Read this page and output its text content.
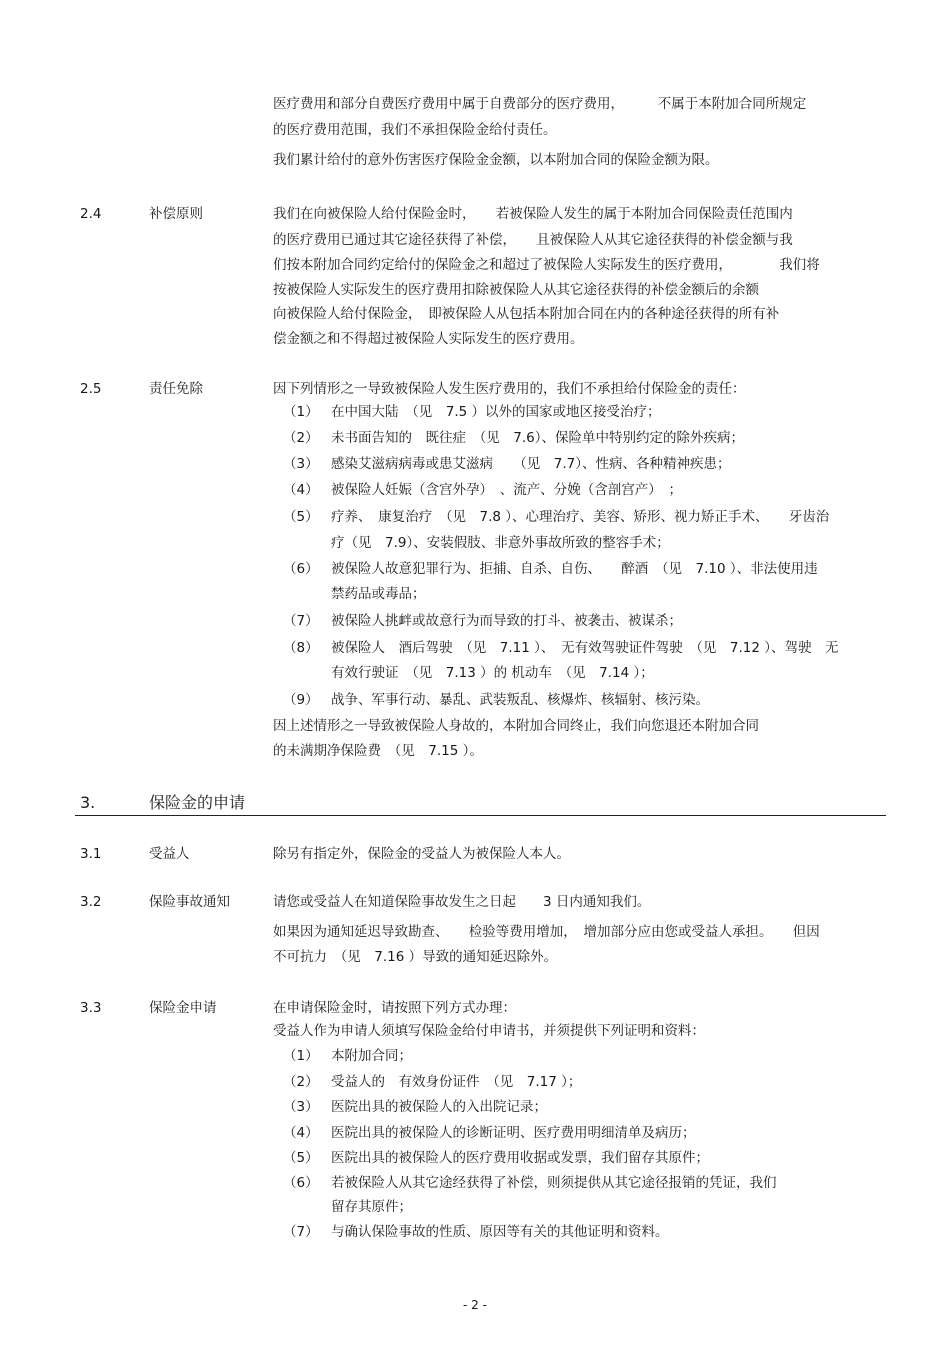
医疗费用和部分自费医疗费用中属于自费部分的医疗费用，　　　不属于本附加合同所规定
的医疗费用范围，我们不承担保险金给付责任。
我们累计给付的意外伤害医疗保险金金额，以本附加合同的保险金额为限。
2.4	补偿原则	我们在向被保险人给付保险金时，　　若被保险人发生的属于本附加合同保险责任范围内
的医疗费用已通过其它途径获得了补偿，　　且被保险人从其它途径获得的补偿金额与我
们按本附加合同约定给付的保险金之和超过了被保险人实际发生的医疗费用，　　　　我们将
按被保险人实际发生的医疗费用扣除被保险人从其它途径获得的补偿金额后的余额
向被保险人给付保险金，　即被保险人从包括本附加合同在内的各种途径获得的所有补
偿金额之和不得超过被保险人实际发生的医疗费用。
2.5	责任免除	因下列情形之一导致被保险人发生医疗费用的，我们不承担给付保险金的责任：
（1） 在中国大陆　（见　7.5 ）以外的国家或地区接受治疗；
（2） 未书面告知的　既往症　（见　7.6）、保险单中特别约定的除外疾病；
（3） 感染艾滋病病毒或患艾滋病　　（见　7.7）、性病、各种精神疾患；
（4） 被保险人妊娠（含宫外孕）　、流产、分娩（含剖宫产）　；
（5） 疗养、　康复治疗　（见　7.8 ）、心理治疗、美容、矫形、视力矫正手术、　　牙齿治
疗（见　7.9）、安装假肢、非意外事故所致的整容手术；
（6） 被保险人故意犯罪行为、拒捕、自杀、自伤、　　醉酒　（见　7.10 ）、非法使用违
禁药品或毒品；
（7） 被保险人挑衅或故意行为而导致的打斗、被袭击、被谋杀；
（8） 被保险人　酒后驾驶　（见　7.11 ）、　无有效驾驶证件驾驶　（见　7.12 ）、驾驶　无
有效行驶证　（见　7.13 ）的 机动车　（见　7.14 ）；
（9） 战争、军事行动、暴乱、武装叛乱、核爆炸、核辐射、核污染。
因上述情形之一导致被保险人身故的，本附加合同终止，我们向您退还本附加合同
的未满期净保险费　（见　7.15 ）。
3.	保险金的申请
3.1	受益人	除另有指定外，保险金的受益人为被保险人本人。
3.2	保险事故通知	请您或受益人在知道保险事故发生之日起　　3 日内通知我们。
如果因为通知延迟导致勘查、　　检验等费用增加，　增加部分应由您或受益人承担。　　但因
不可抗力　（见　7.16 ）导致的通知延迟除外。
3.3	保险金申请	在申请保险金时，请按照下列方式办理：
受益人作为申请人须填写保险金给付申请书，并须提供下列证明和资料：
（1） 本附加合同；
（2） 受益人的　有效身份证件　（见　7.17 ）；
（3） 医院出具的被保险人的入出院记录；
（4） 医院出具的被保险人的诊断证明、医疗费用明细清单及病历；
（5） 医院出具的被保险人的医疗费用收据或发票，我们留存其原件；
（6） 若被保险人从其它途经获得了补偿，则须提供从其它途径报销的凭证，我们
留存其原件；
（7） 与确认保险事故的性质、原因等有关的其他证明和资料。
- 2 -
